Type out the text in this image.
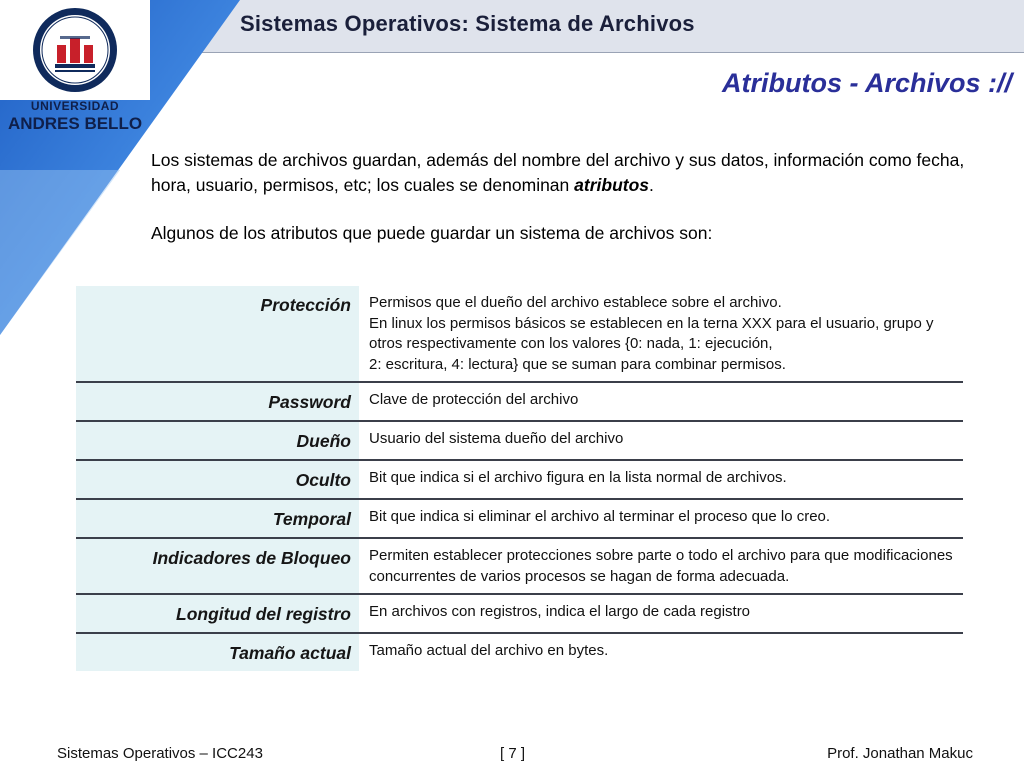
Sistemas Operativos: Sistema de Archivos
UNIVERSIDAD
ANDRES BELLO
Atributos - Archivos ://

Los sistemas de archivos guardan, además del nombre del archivo y sus datos, información como fecha, hora, usuario, permisos, etc; los cuales se denominan atributos.

Algunos de los atributos que puede guardar un sistema de archivos son:

Protección	Permisos que el dueño del archivo establece sobre el archivo.
En linux los permisos básicos se establecen en la terna XXX para el usuario, grupo y otros respectivamente con los valores {0: nada, 1: ejecución,
2: escritura, 4: lectura} que se suman para combinar permisos.
Password	Clave de protección del archivo
Dueño	Usuario del sistema dueño del archivo
Oculto	Bit que indica si el archivo figura en la lista normal de archivos.
Temporal	Bit que indica si eliminar el archivo al terminar el proceso que lo creo.
Indicadores de Bloqueo	Permiten establecer protecciones sobre parte o todo el archivo para que modificaciones concurrentes de varios procesos se hagan de forma adecuada.
Longitud del registro	En archivos con registros, indica el largo de cada registro
Tamaño actual	Tamaño actual del archivo en bytes.
Sistemas Operativos – ICC243	[ 7 ]	Prof. Jonathan Makuc
